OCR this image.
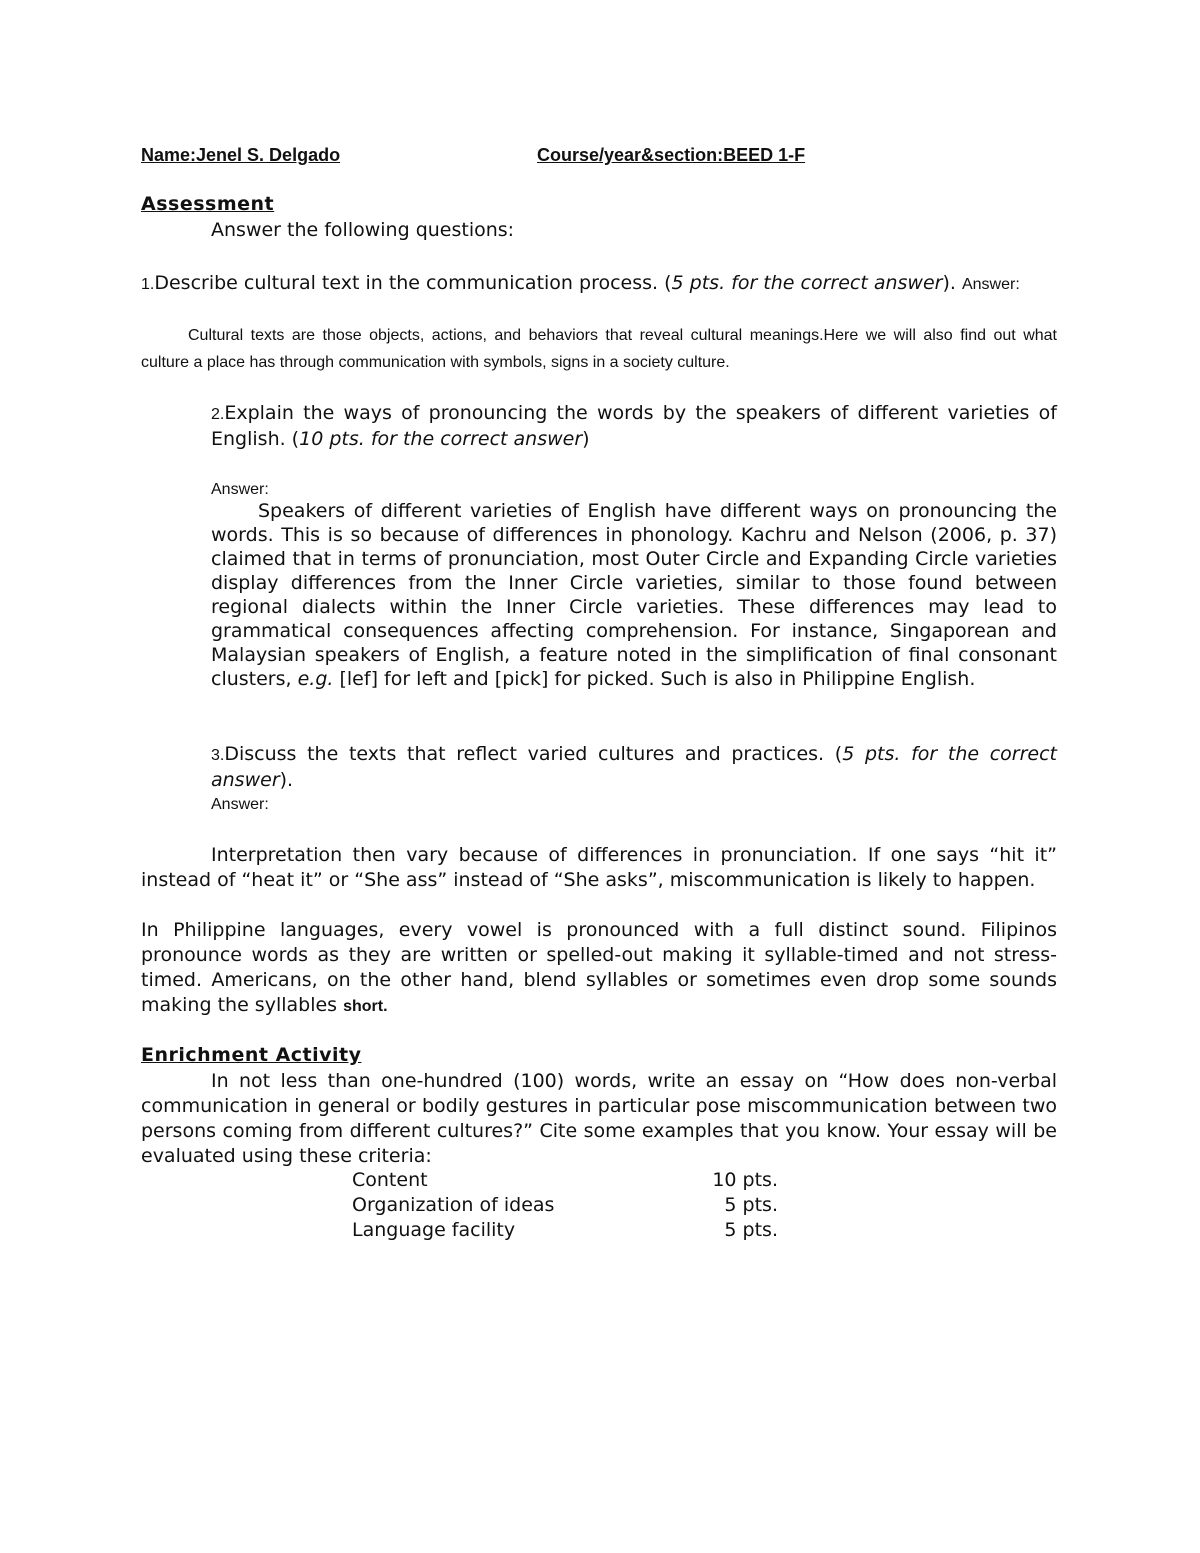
Name:Jenel S. Delgado	Course/year&section:BEED 1-F
Assessment
Answer the following questions:
1.Describe cultural text in the communication process. (5 pts. for the correct answer). Answer:
Cultural texts are those objects, actions, and behaviors that reveal cultural meanings.Here we will also find out what culture a place has through communication with symbols, signs in a society culture.
2.Explain the ways of pronouncing the words by the speakers of different varieties of English. (10 pts. for the correct answer)
Answer:
Speakers of different varieties of English have different ways on pronouncing the words. This is so because of differences in phonology. Kachru and Nelson (2006, p. 37) claimed that in terms of pronunciation, most Outer Circle and Expanding Circle varieties display differences from the Inner Circle varieties, similar to those found between regional dialects within the Inner Circle varieties. These differences may lead to grammatical consequences affecting comprehension. For instance, Singaporean and Malaysian speakers of English, a feature noted in the simplification of final consonant clusters, e.g. [lef] for left and [pick] for picked. Such is also in Philippine English.
3.Discuss the texts that reflect varied cultures and practices. (5 pts. for the correct answer).
Answer:
Interpretation then vary because of differences in pronunciation. If one says “hit it” instead of “heat it” or “She ass” instead of “She asks”, miscommunication is likely to happen.
In Philippine languages, every vowel is pronounced with a full distinct sound. Filipinos pronounce words as they are written or spelled-out making it syllable-timed and not stress-timed. Americans, on the other hand, blend syllables or sometimes even drop some sounds making the syllables short.
Enrichment Activity
In not less than one-hundred (100) words, write an essay on “How does non-verbal communication in general or bodily gestures in particular pose miscommunication between two persons coming from different cultures?” Cite some examples that you know. Your essay will be evaluated using these criteria:
Content	10 pts.
Organization of ideas	5 pts.
Language facility	5 pts.
